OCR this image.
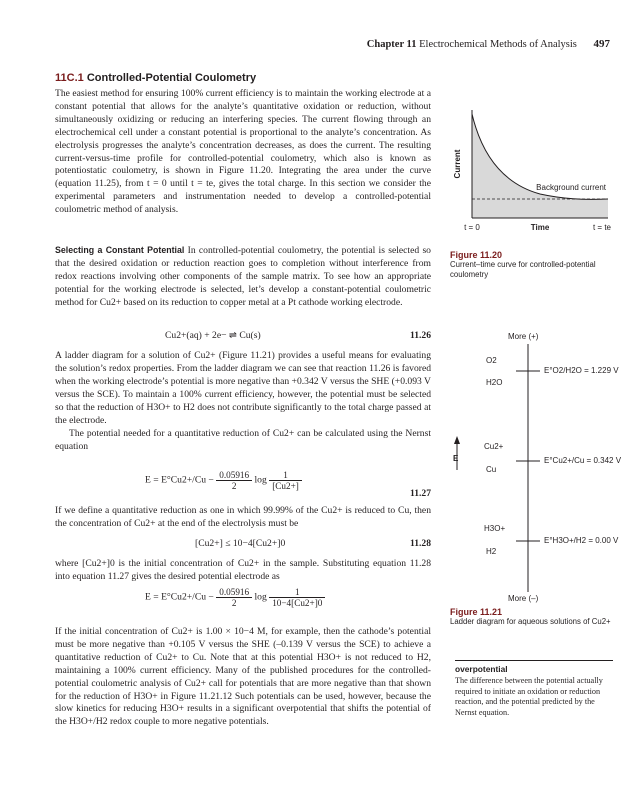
Chapter 11 Electrochemical Methods of Analysis 497
11C.1 Controlled-Potential Coulometry
The easiest method for ensuring 100% current efficiency is to maintain the working electrode at a constant potential that allows for the analyte’s quantitative oxidation or reduction, without simultaneously oxidizing or reducing an interfering species. The current flowing through an electrochemical cell under a constant potential is proportional to the analyte’s concentration. As electrolysis progresses the analyte’s concentration decreases, as does the current. The resulting current-versus-time profile for controlled-potential coulometry, which also is known as potentiostatic coulometry, is shown in Figure 11.20. Integrating the area under the curve (equation 11.25), from t = 0 until t = te, gives the total charge. In this section we consider the experimental parameters and instrumentation needed to develop a controlled-potential coulometric method of analysis.
Selecting a Constant Potential In controlled-potential coulometry, the potential is selected so that the desired oxidation or reduction reaction goes to completion without interference from redox reactions involving other components of the sample matrix. To see how an appropriate potential for the working electrode is selected, let’s develop a constant-potential coulometric method for Cu2+ based on its reduction to copper metal at a Pt cathode working electrode.
Cu2+(aq) + 2e− ⇌ Cu(s)	11.26
A ladder diagram for a solution of Cu2+ (Figure 11.21) provides a useful means for evaluating the solution’s redox properties. From the ladder diagram we can see that reaction 11.26 is favored when the working electrode’s potential is more negative than +0.342 V versus the SHE (+0.093 V versus the SCE). To maintain a 100% current efficiency, however, the potential must be selected so that the reduction of H3O+ to H2 does not contribute significantly to the total charge passed at the electrode.
The potential needed for a quantitative reduction of Cu2+ can be calculated using the Nernst equation
$E = E^\circ Cu2+/Cu - \frac{0.05916}{2}$ $\log \frac{1}{[Cu2+]}$
11.27
If we define a quantitative reduction as one in which 99.99% of the Cu2+ is reduced to Cu, then the concentration of Cu2+ at the end of the electrolysis must be
[Cu2+] ≤ 10−4[Cu2+]0	11.28
where [Cu2+]0 is the initial concentration of Cu2+ in the sample. Substituting equation 11.28 into equation 11.27 gives the desired potential electrode as
$E = E^\circ Cu2+/Cu - \frac{0.05916}{2}$ $\log \frac{1}{10-4[Cu2+]0}$
If the initial concentration of Cu2+ is 1.00 × 10−4 M, for example, then the cathode’s potential must be more negative than +0.105 V versus the SHE (–0.139 V versus the SCE) to achieve a quantitative reduction of Cu2+ to Cu. Note that at this potential H3O+ is not reduced to H2, maintaining a 100% current efficiency. Many of the published procedures for the controlled-potential coulometric analysis of Cu2+ call for potentials that are more negative than that shown for the reduction of H3O+ in Figure 11.21.12 Such potentials can be used, however, because the slow kinetics for reducing H3O+ results in a significant overpotential that shifts the potential of the H3O+/H2 redox couple to more negative potentials.
Current
Time
t = 0	t = te
Background current
Figure 11.20
Current–time curve for controlled-potential coulometry
More (+)
More (–)
E
O2
H2O
Cu2+
Cu
H3O+
H2
E°O2/H2O = 1.229 V
E°Cu2+/Cu = 0.342 V
E°H3O+/H2 = 0.00 V
Figure 11.21
Ladder diagram for aqueous solutions of Cu2+
overpotential
The difference between the potential actually required to initiate an oxidation or reduction reaction, and the potential predicted by the Nernst equation.
